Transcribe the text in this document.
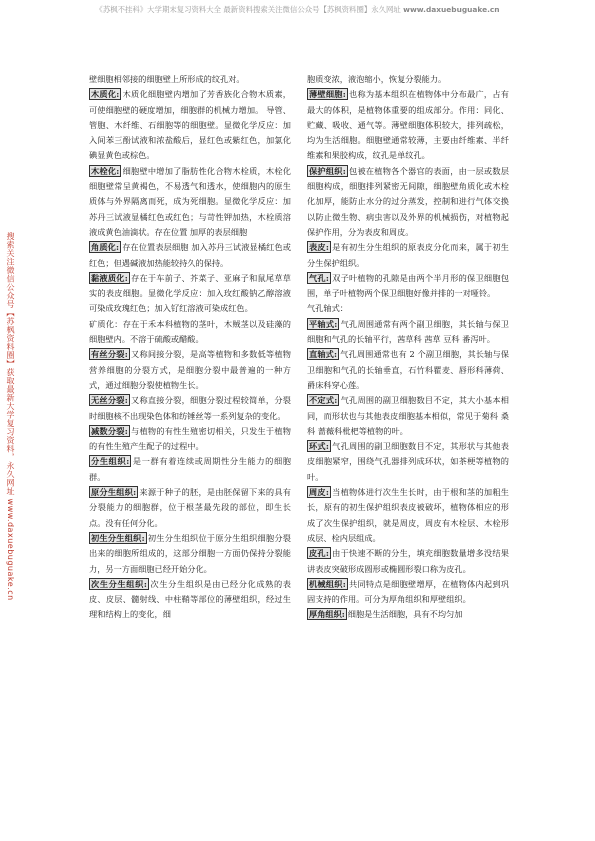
《苏枫不挂科》大学期末复习资料大全 最新资料搜索关注微信公众号【苏枫资料圈】永久网址 www.daxuebuguake.cn
搜索关注微信公众号【苏枫资料圈】获取最新大学复习资料，永久网址 www.daxuebuguake.cn

壁细胞相邻接的细胞壁上所形成的纹孔对。

木质化: 木质化细胞壁内增加了芳香族化合物木质素，可使细胞壁的硬度增加，细胞群的机械力增加。 导管、管胞、木纤维、石细胞等的细胞壁。显微化学反应：加入间苯三酚试液和浓盐酸后，显红色或紫红色，加氯化碘显黄色或棕色。

木栓化: 细胞壁中增加了脂肪性化合物木栓质，木栓化细胞壁常呈黄褐色，不易透气和透水，使细胞内的原生质体与外界隔离而死，成为死细胞。显微化学反应：加苏丹三试液显橘红色或红色；与苛性钾加热，木栓质溶液成黄色油滴状。存在位置 加厚的表层细胞

角质化: 存在位置表层细胞 加入苏丹三试液显橘红色或红色；但遇碱液加热能较持久的保持。

黏液质化: 存在于车前子、芥菜子、亚麻子和鼠尾草草实的表皮细胞。显微化学反应：加入玫红酸钠乙醇溶液可染成玫瑰红色；加入钌红溶液可染成红色。

矿质化：存在于禾本科植物的茎叶，木贼茎以及硅藻的细胞壁内。不溶于硫酸或醋酸。

有丝分裂: 又称间接分裂，是高等植物和多数低等植物营养细胞的分裂方式，是细胞分裂中最普遍的一种方式，通过细胞分裂使植物生长。

无丝分裂: 又称直接分裂，细胞分裂过程较简单，分裂时细胞核不出现染色体和纺锤丝等一系列复杂的变化。

减数分裂: 与植物的有性生殖密切相关，只发生于植物的有性生殖产生配子的过程中。

分生组织: 是一群有着连续或周期性分生能力的细胞群。

原分生组织: 来源于种子的胚，是由胚保留下来的具有分裂能力的细胞群，位于根茎最先段的部位，即生长点。没有任何分化。

初生分生组织: 初生分生组织位于原分生组织细胞分裂出来的细胞所组成的，这部分细胞一方面仍保持分裂能力，另一方面细胞已经开始分化。

次生分生组织: 次生分生组织是由已经分化成熟的表皮、皮层、髓射线、中柱鞘等部位的薄壁组织，经过生理和结构上的变化，细

胞质变浓，液泡缩小，恢复分裂能力。

薄壁细胞: 也称为基本组织在植物体中分布最广，占有最大的体积，是植物体重要的组成部分。作用：同化、贮藏、吸收、通气等。薄壁细胞体积较大，排列疏松，均为生活细胞。细胞壁通常较薄，主要由纤维素、半纤维素和果胶构成，纹孔是单纹孔。

保护组织: 包被在植物各个器官的表面，由一层或数层细胞构成，细胞排列紧密无间隙，细胞壁角质化或木栓化加厚，能防止水分的过分蒸发，控制和进行气体交换以防止微生物、病虫害以及外界的机械损伤，对植物起保护作用，分为表皮和周皮。

表皮: 是有初生分生组织的原表皮分化而来，属于初生分生保护组织。

气孔: 双子叶植物的孔隙是由两个半月形的保卫细胞包围，单子叶植物两个保卫细胞好像并排的一对哑铃。

气孔轴式：

平轴式: 气孔周围通常有两个副卫细胞，其长轴与保卫细胞和气孔的长轴平行，茜草科 茜草 豆科 番泻叶。

直轴式: 气孔周围通常也有 2 个副卫细胞，其长轴与保卫细胞和气孔的长轴垂直，石竹科瞿麦、唇形科薄荷、爵床科穿心莲。

不定式: 气孔周围的副卫细胞数目不定，其大小基本相同，而形状也与其他表皮细胞基本相似，常见于菊科 桑科 蔷薇科枇杷等植物的叶。

环式: 气孔周围的副卫细胞数目不定，其形状与其他表皮细胞紧窄，围绕气孔器排列成环状，如茶梗等植物的叶。

周皮: 当植物体进行次生生长时，由于根和茎的加粗生长，原有的初生保护组织表皮被破坏，植物体相应的形成了次生保护组织，就是周皮，周皮有木栓层、木栓形成层、栓内层组成。

皮孔: 由于快速不断的分生，填充细胞数量增多没结果讲表皮突破形成圆形或椭圆形裂口称为皮孔。

机械组织: 共同特点是细胞壁增厚，在植物体内起到巩固支持的作用。可分为厚角组织和厚壁组织。

厚角组织: 细胞是生活细胞，具有不均匀加
